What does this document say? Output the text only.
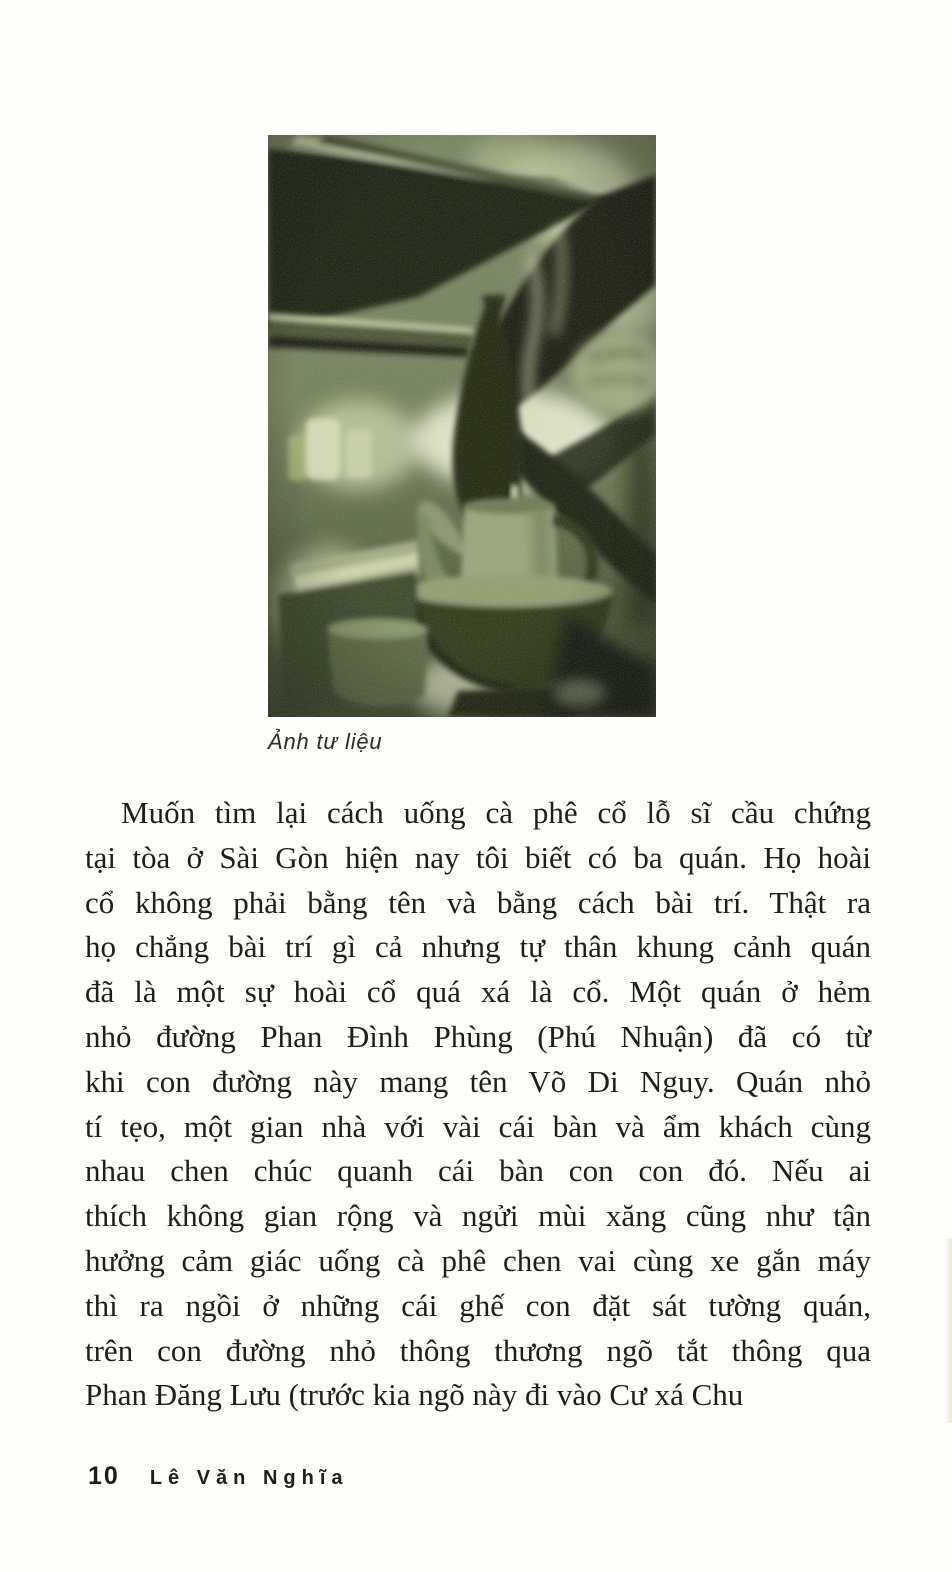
Ảnh tư liệu
Muốn tìm lại cách uống cà phê cổ lỗ sĩ cầu chứng
tại tòa ở Sài Gòn hiện nay tôi biết có ba quán. Họ hoài
cổ không phải bằng tên và bằng cách bài trí. Thật ra
họ chẳng bài trí gì cả nhưng tự thân khung cảnh quán
đã là một sự hoài cổ quá xá là cổ. Một quán ở hẻm
nhỏ đường Phan Đình Phùng (Phú Nhuận) đã có từ
khi con đường này mang tên Võ Di Nguy. Quán nhỏ
tí tẹo, một gian nhà với vài cái bàn và ẩm khách cùng
nhau chen chúc quanh cái bàn con con đó. Nếu ai
thích không gian rộng và ngửi mùi xăng cũng như tận
hưởng cảm giác uống cà phê chen vai cùng xe gắn máy
thì ra ngồi ở những cái ghế con đặt sát tường quán,
trên con đường nhỏ thông thương ngõ tắt thông qua
Phan Đăng Lưu (trước kia ngõ này đi vào Cư xá Chu
10 Lê Văn Nghĩa
